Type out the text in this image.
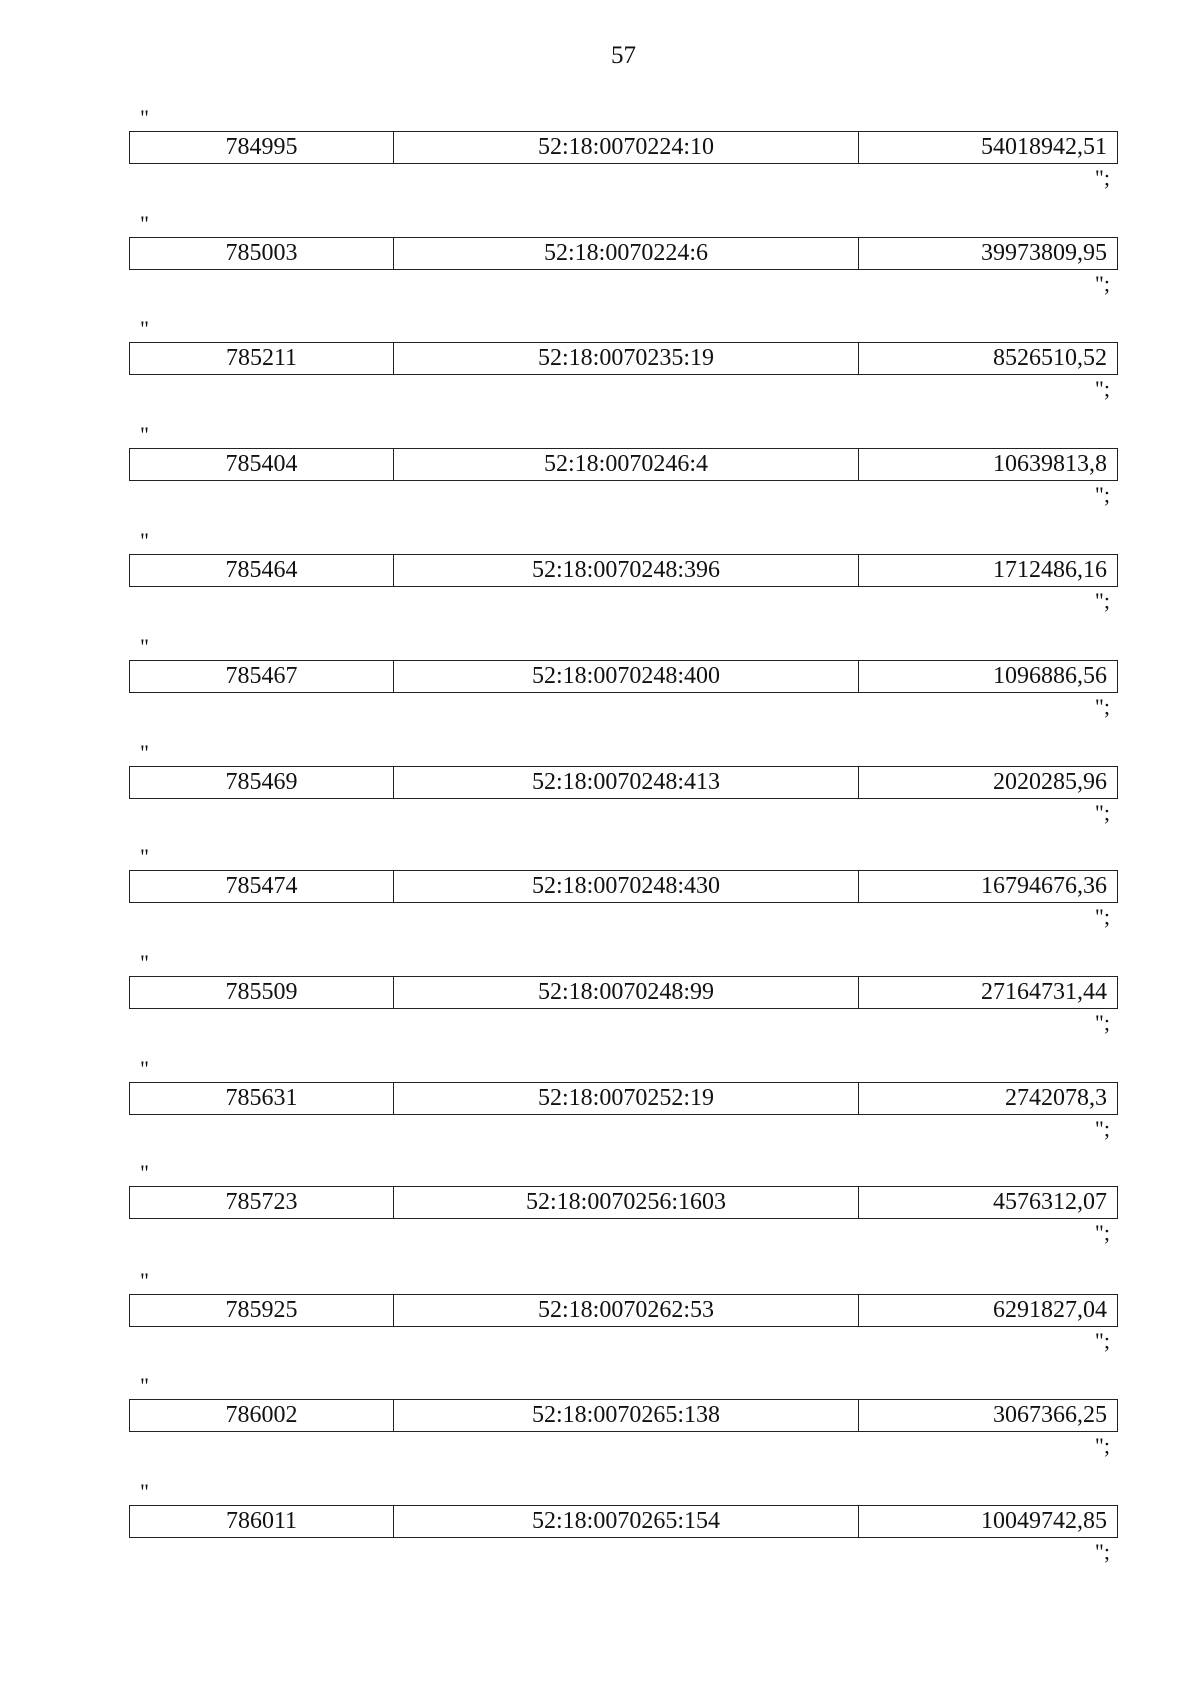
57
"
784995	52:18:0070224:10	54018942,51
";
"
785003	52:18:0070224:6	39973809,95
";
"
785211	52:18:0070235:19	8526510,52
";
"
785404	52:18:0070246:4	10639813,8
";
"
785464	52:18:0070248:396	1712486,16
";
"
785467	52:18:0070248:400	1096886,56
";
"
785469	52:18:0070248:413	2020285,96
";
"
785474	52:18:0070248:430	16794676,36
";
"
785509	52:18:0070248:99	27164731,44
";
"
785631	52:18:0070252:19	2742078,3
";
"
785723	52:18:0070256:1603	4576312,07
";
"
785925	52:18:0070262:53	6291827,04
";
"
786002	52:18:0070265:138	3067366,25
";
"
786011	52:18:0070265:154	10049742,85
";
